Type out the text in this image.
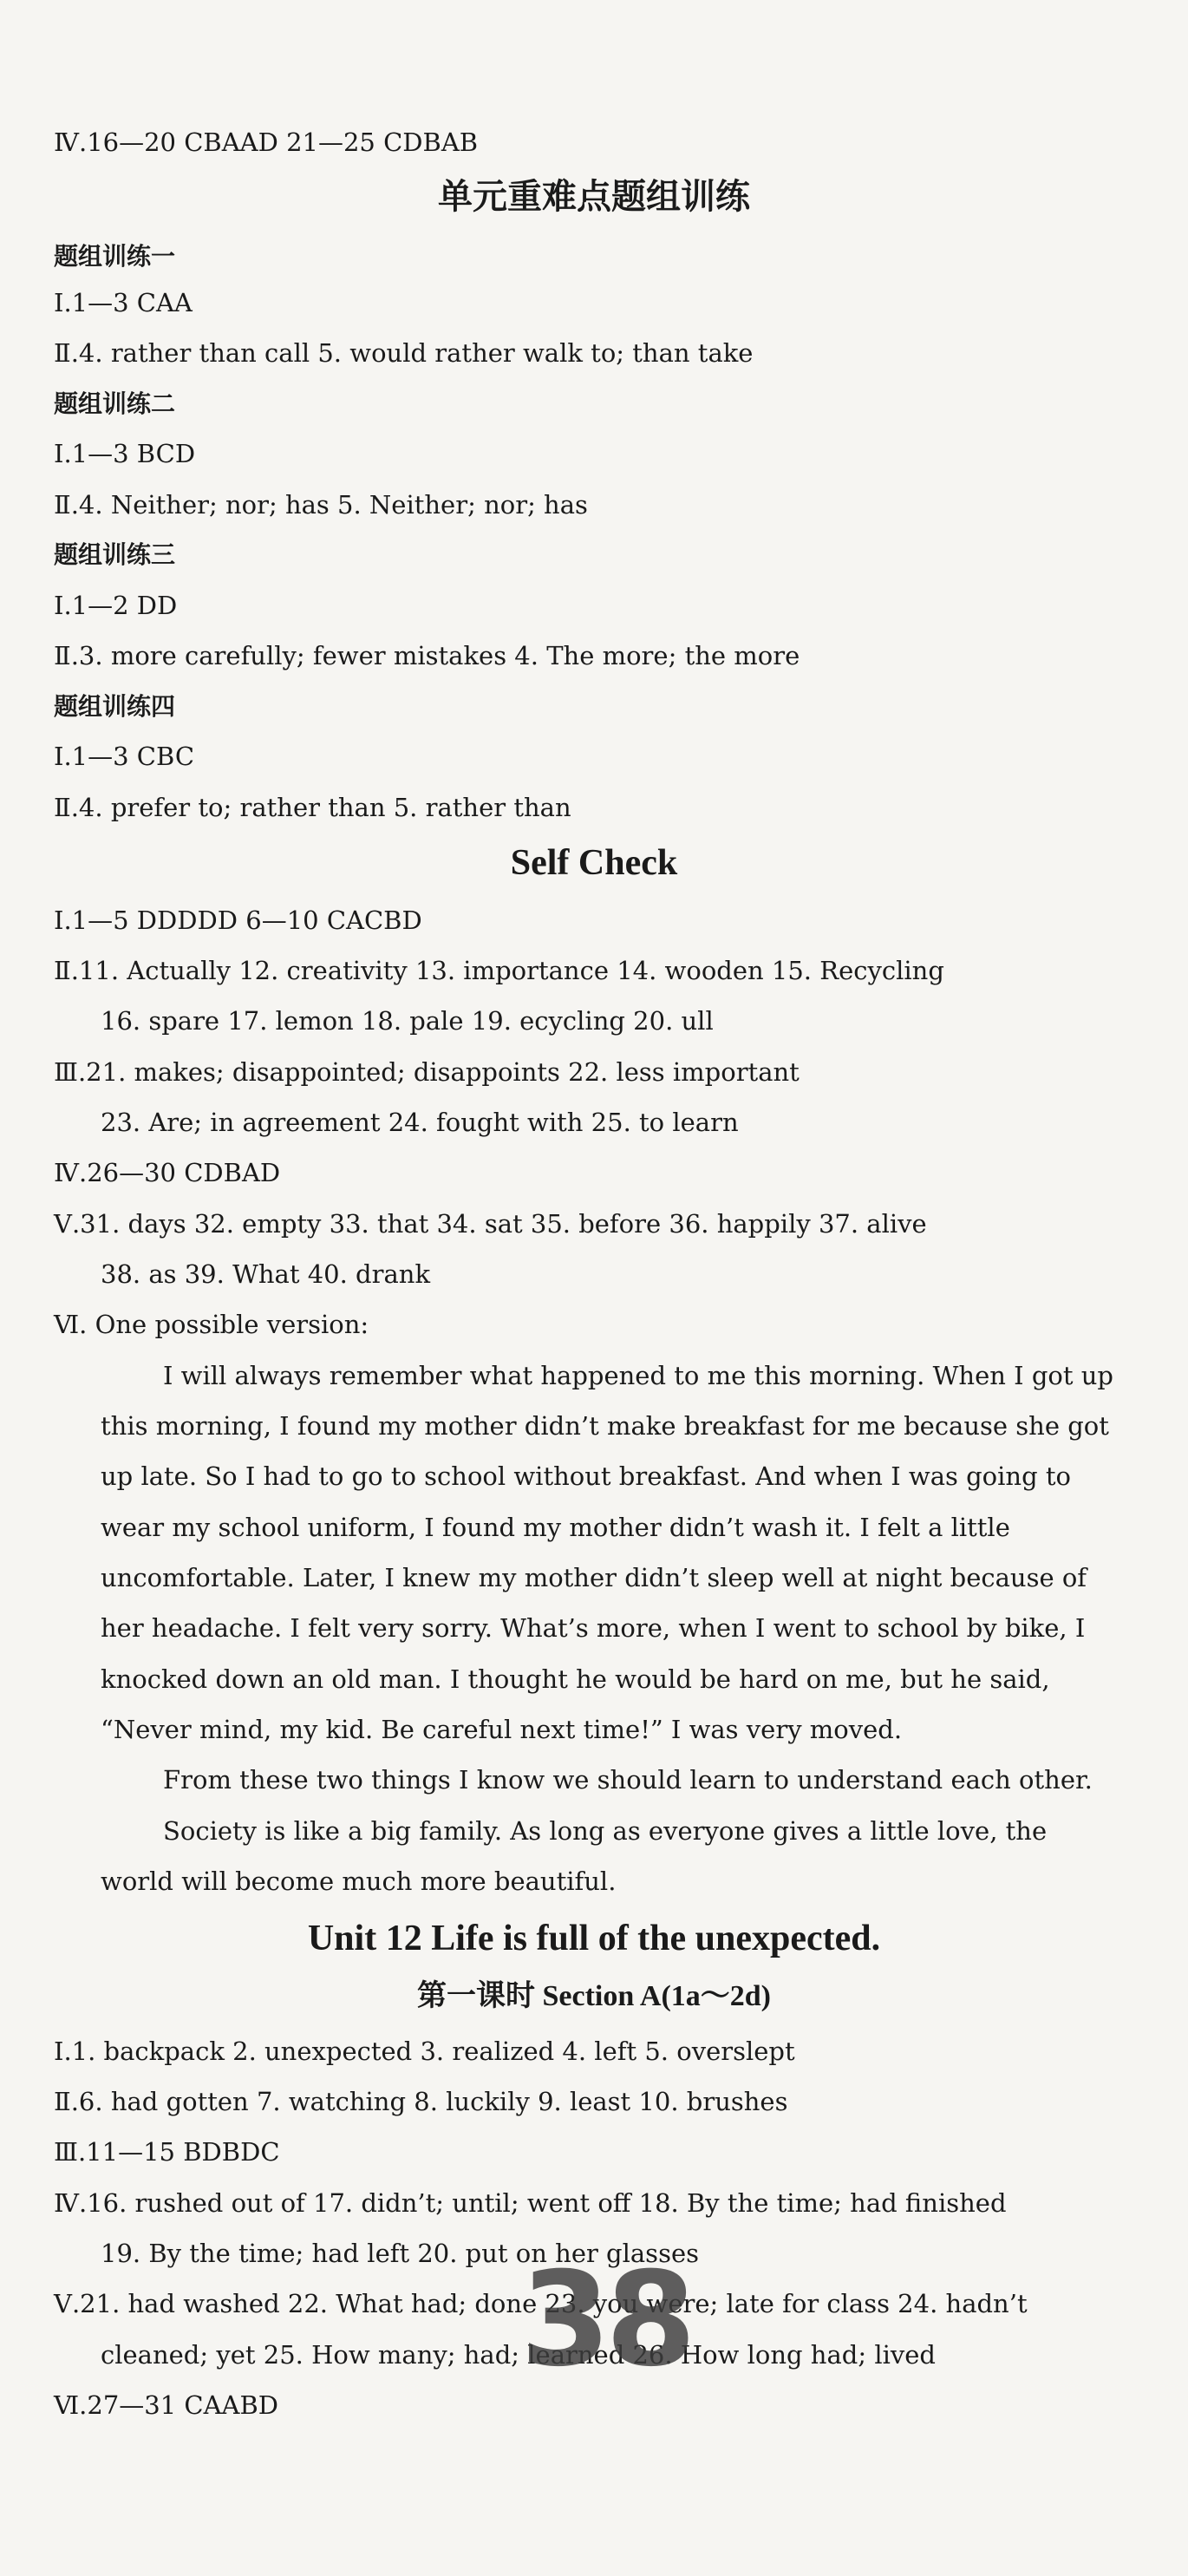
Ⅳ.16—20 CBAAD 21—25 CDBAB
单元重难点题组训练
题组训练一
Ⅰ.1—3 CAA
Ⅱ.4. rather than call 5. would rather walk to; than take
题组训练二
Ⅰ.1—3 BCD
Ⅱ.4. Neither; nor; has 5. Neither; nor; has
题组训练三
Ⅰ.1—2 DD
Ⅱ.3. more carefully; fewer mistakes 4. The more; the more
题组训练四
Ⅰ.1—3 CBC
Ⅱ.4. prefer to; rather than 5. rather than
Self Check
Ⅰ.1—5 DDDDD 6—10 CACBD
Ⅱ.11. Actually 12. creativity 13. importance 14. wooden 15. Recycling
16. spare 17. lemon 18. pale 19. ecycling 20. ull
Ⅲ.21. makes; disappointed; disappoints 22. less important
23. Are; in agreement 24. fought with 25. to learn
Ⅳ.26—30 CDBAD
Ⅴ.31. days 32. empty 33. that 34. sat 35. before 36. happily 37. alive
38. as 39. What 40. drank
Ⅵ. One possible version:
I will always remember what happened to me this morning. When I got up
this morning, I found my mother didn’t make breakfast for me because she got
up late. So I had to go to school without breakfast. And when I was going to
wear my school uniform, I found my mother didn’t wash it. I felt a little
uncomfortable. Later, I knew my mother didn’t sleep well at night because of
her headache. I felt very sorry. What’s more, when I went to school by bike, I
knocked down an old man. I thought he would be hard on me, but he said,
“Never mind, my kid. Be careful next time!” I was very moved.
From these two things I know we should learn to understand each other.
Society is like a big family. As long as everyone gives a little love, the
world will become much more beautiful.
Unit 12 Life is full of the unexpected.
第一课时 Section A(1a～2d)
Ⅰ.1. backpack 2. unexpected 3. realized 4. left 5. overslept
Ⅱ.6. had gotten 7. watching 8. luckily 9. least 10. brushes
Ⅲ.11—15 BDBDC
Ⅳ.16. rushed out of 17. didn’t; until; went off 18. By the time; had finished
19. By the time; had left 20. put on her glasses
Ⅴ.21. had washed 22. What had; done 23. you were; late for class 24. hadn’t
cleaned; yet 25. How many; had; learned 26. How long had; lived
Ⅵ.27—31 CAABD
38
